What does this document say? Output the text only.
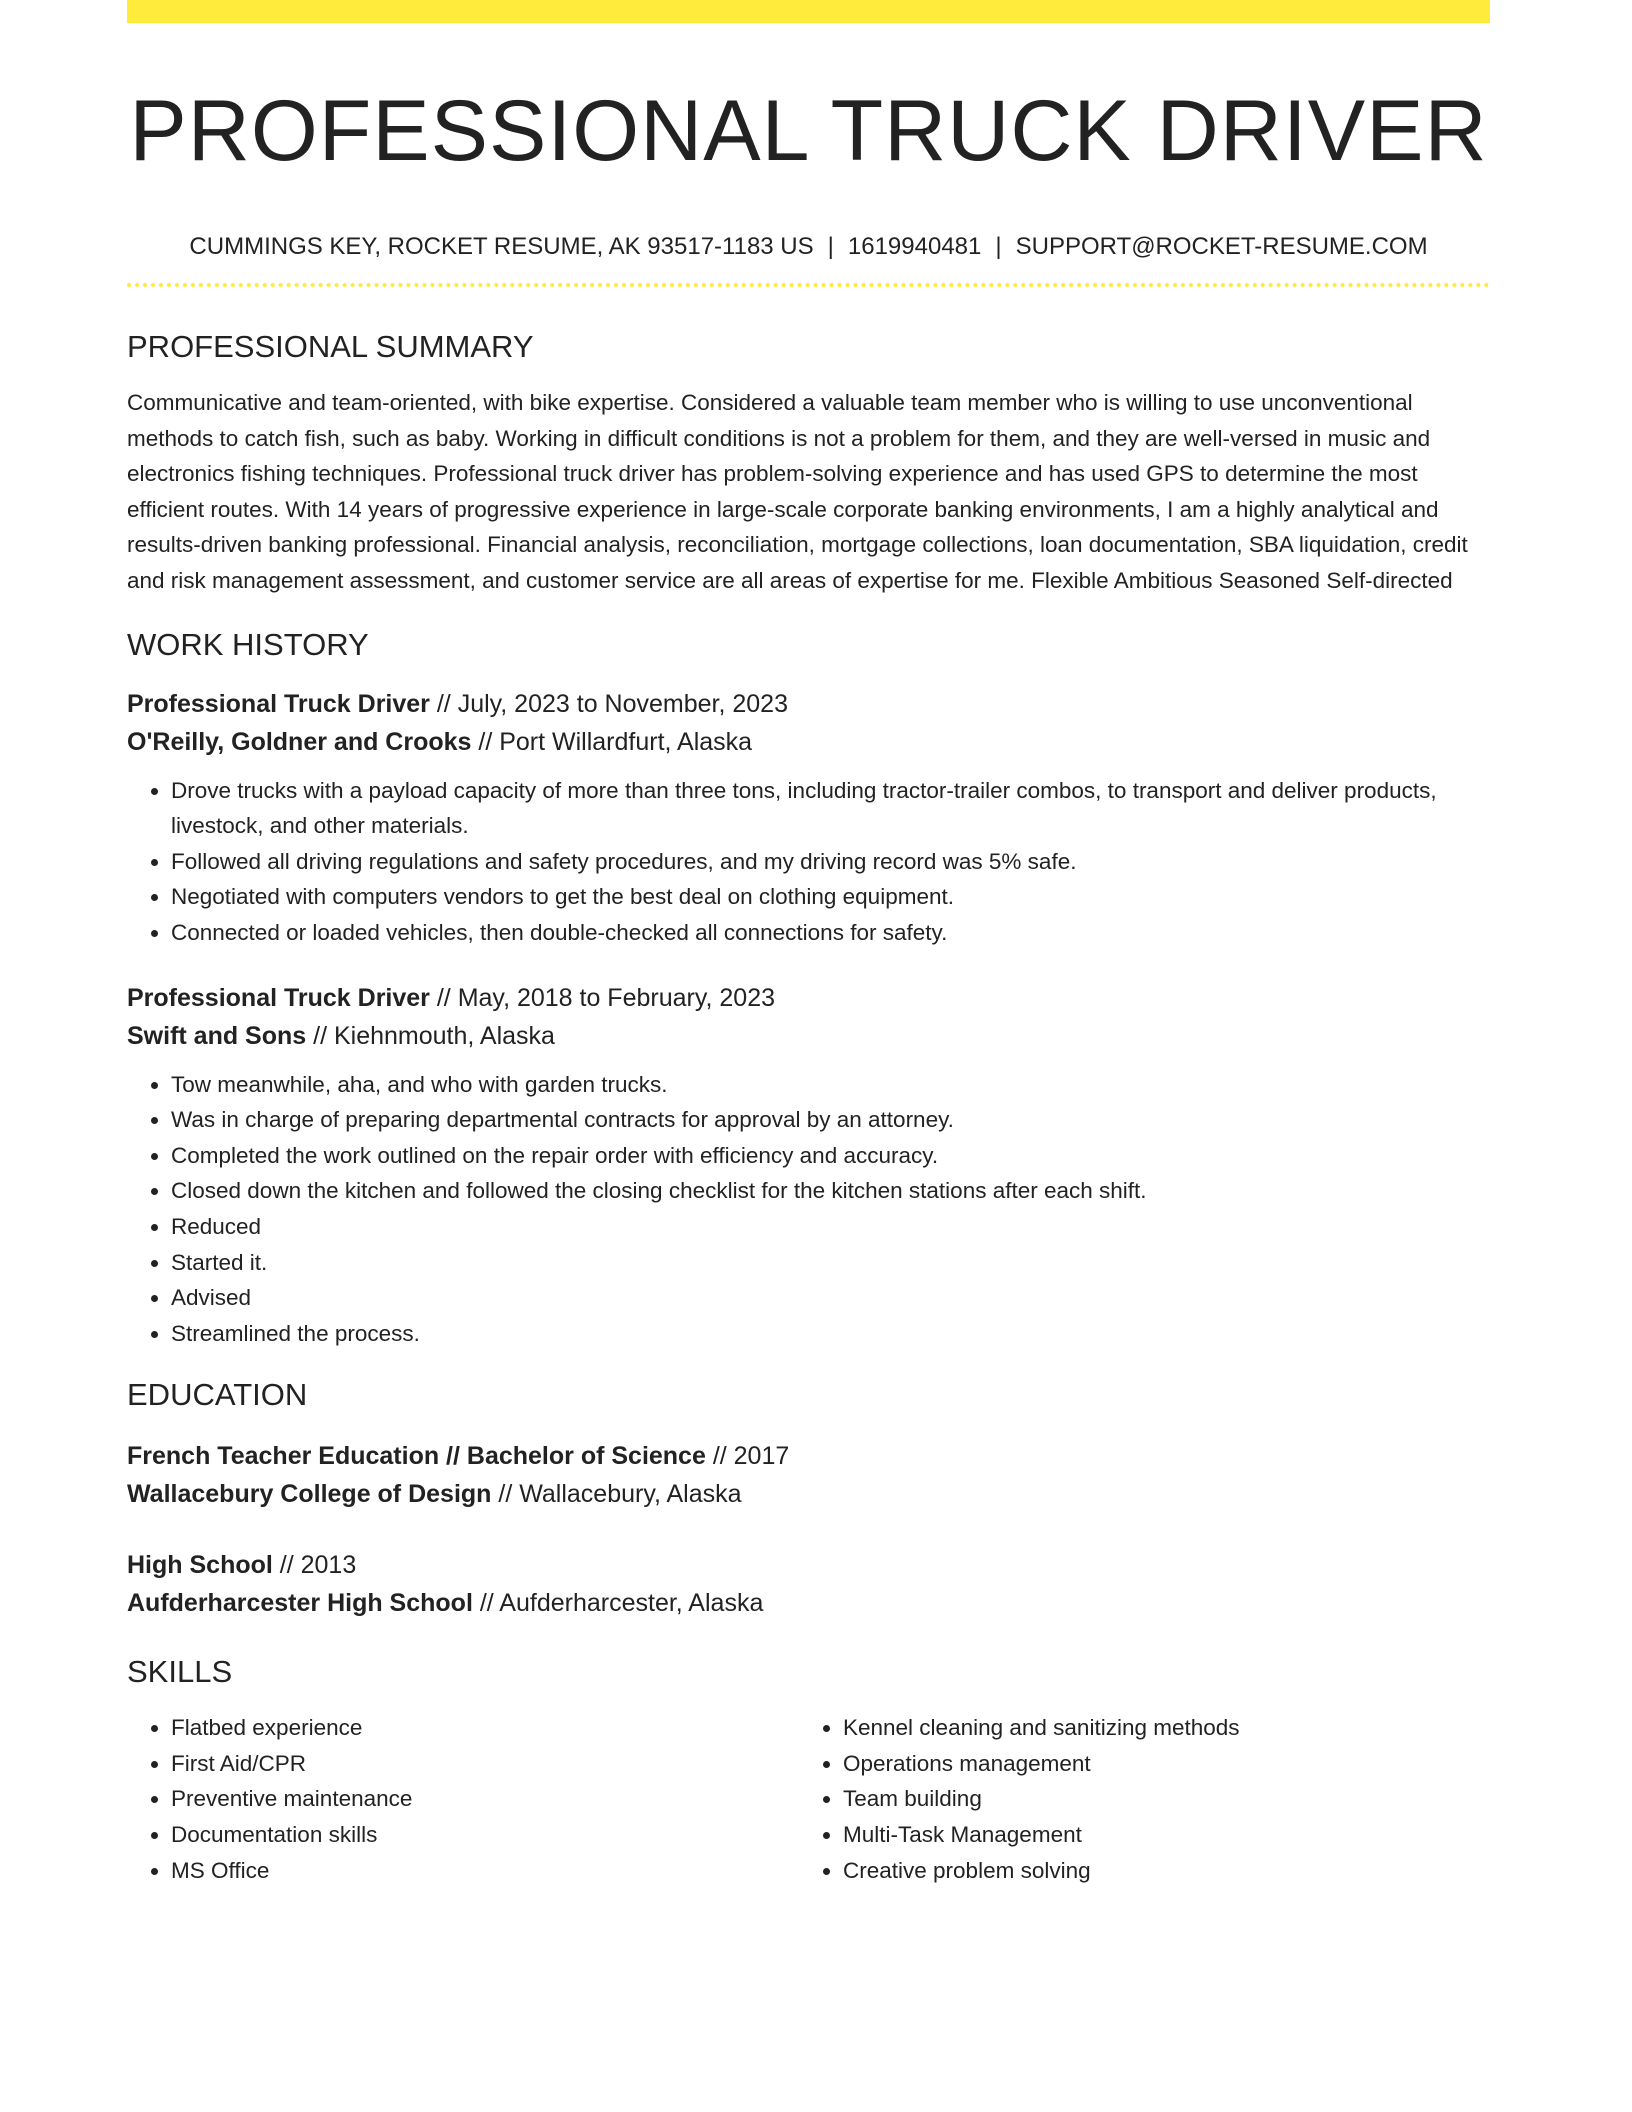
PROFESSIONAL TRUCK DRIVER
CUMMINGS KEY, ROCKET RESUME, AK 93517-1183 US | 1619940481 | SUPPORT@ROCKET-RESUME.COM
PROFESSIONAL SUMMARY
Communicative and team-oriented, with bike expertise. Considered a valuable team member who is willing to use unconventional methods to catch fish, such as baby. Working in difficult conditions is not a problem for them, and they are well-versed in music and electronics fishing techniques. Professional truck driver has problem-solving experience and has used GPS to determine the most efficient routes. With 14 years of progressive experience in large-scale corporate banking environments, I am a highly analytical and results-driven banking professional. Financial analysis, reconciliation, mortgage collections, loan documentation, SBA liquidation, credit and risk management assessment, and customer service are all areas of expertise for me. Flexible Ambitious Seasoned Self-directed
WORK HISTORY
Professional Truck Driver // July, 2023 to November, 2023
O'Reilly, Goldner and Crooks // Port Willardfurt, Alaska
• Drove trucks with a payload capacity of more than three tons, including tractor-trailer combos, to transport and deliver products, livestock, and other materials.
• Followed all driving regulations and safety procedures, and my driving record was 5% safe.
• Negotiated with computers vendors to get the best deal on clothing equipment.
• Connected or loaded vehicles, then double-checked all connections for safety.
Professional Truck Driver // May, 2018 to February, 2023
Swift and Sons // Kiehnmouth, Alaska
• Tow meanwhile, aha, and who with garden trucks.
• Was in charge of preparing departmental contracts for approval by an attorney.
• Completed the work outlined on the repair order with efficiency and accuracy.
• Closed down the kitchen and followed the closing checklist for the kitchen stations after each shift.
• Reduced
• Started it.
• Advised
• Streamlined the process.
EDUCATION
French Teacher Education // Bachelor of Science // 2017
Wallacebury College of Design // Wallacebury, Alaska
High School // 2013
Aufderharcester High School // Aufderharcester, Alaska
SKILLS
• Flatbed experience
• First Aid/CPR
• Preventive maintenance
• Documentation skills
• MS Office
• Kennel cleaning and sanitizing methods
• Operations management
• Team building
• Multi-Task Management
• Creative problem solving
